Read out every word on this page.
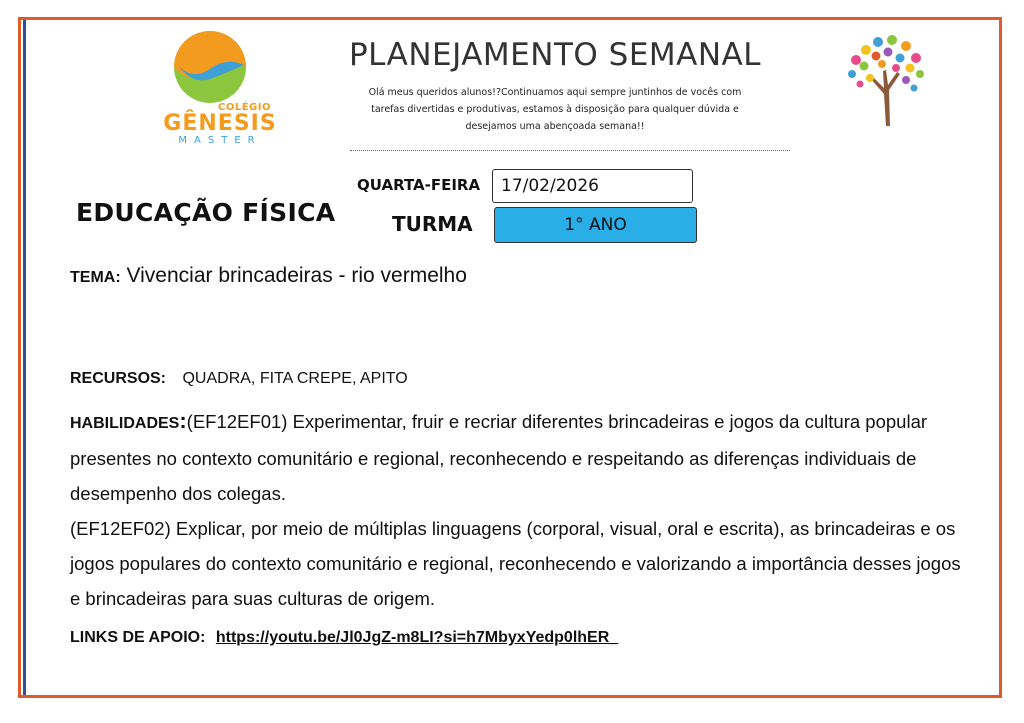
COLÉGIO
GÊNESIS
MASTER
PLANEJAMENTO SEMANAL
Olá meus queridos alunos!?Continuamos aqui sempre juntinhos de vocês com tarefas divertidas e produtivas, estamos à disposição para qualquer dúvida e desejamos uma abençoada semana!!
EDUCAÇÃO FÍSICA
QUARTA-FEIRA	17/02/2026
TURMA	1° ANO
TEMA: Vivenciar brincadeiras - rio vermelho
RECURSOS: QUADRA, FITA CREPE, APITO

HABILIDADES:(EF12EF01) Experimentar, fruir e recriar diferentes brincadeiras e jogos da cultura popular presentes no contexto comunitário e regional, reconhecendo e respeitando as diferenças individuais de desempenho dos colegas.

(EF12EF02) Explicar, por meio de múltiplas linguagens (corporal, visual, oral e escrita), as brincadeiras e os jogos populares do contexto comunitário e regional, reconhecendo e valorizando a importância desses jogos e brincadeiras para suas culturas de origem.

LINKS DE APOIO: https://youtu.be/Jl0JgZ-m8LI?si=h7MbyxYedp0lhER_
